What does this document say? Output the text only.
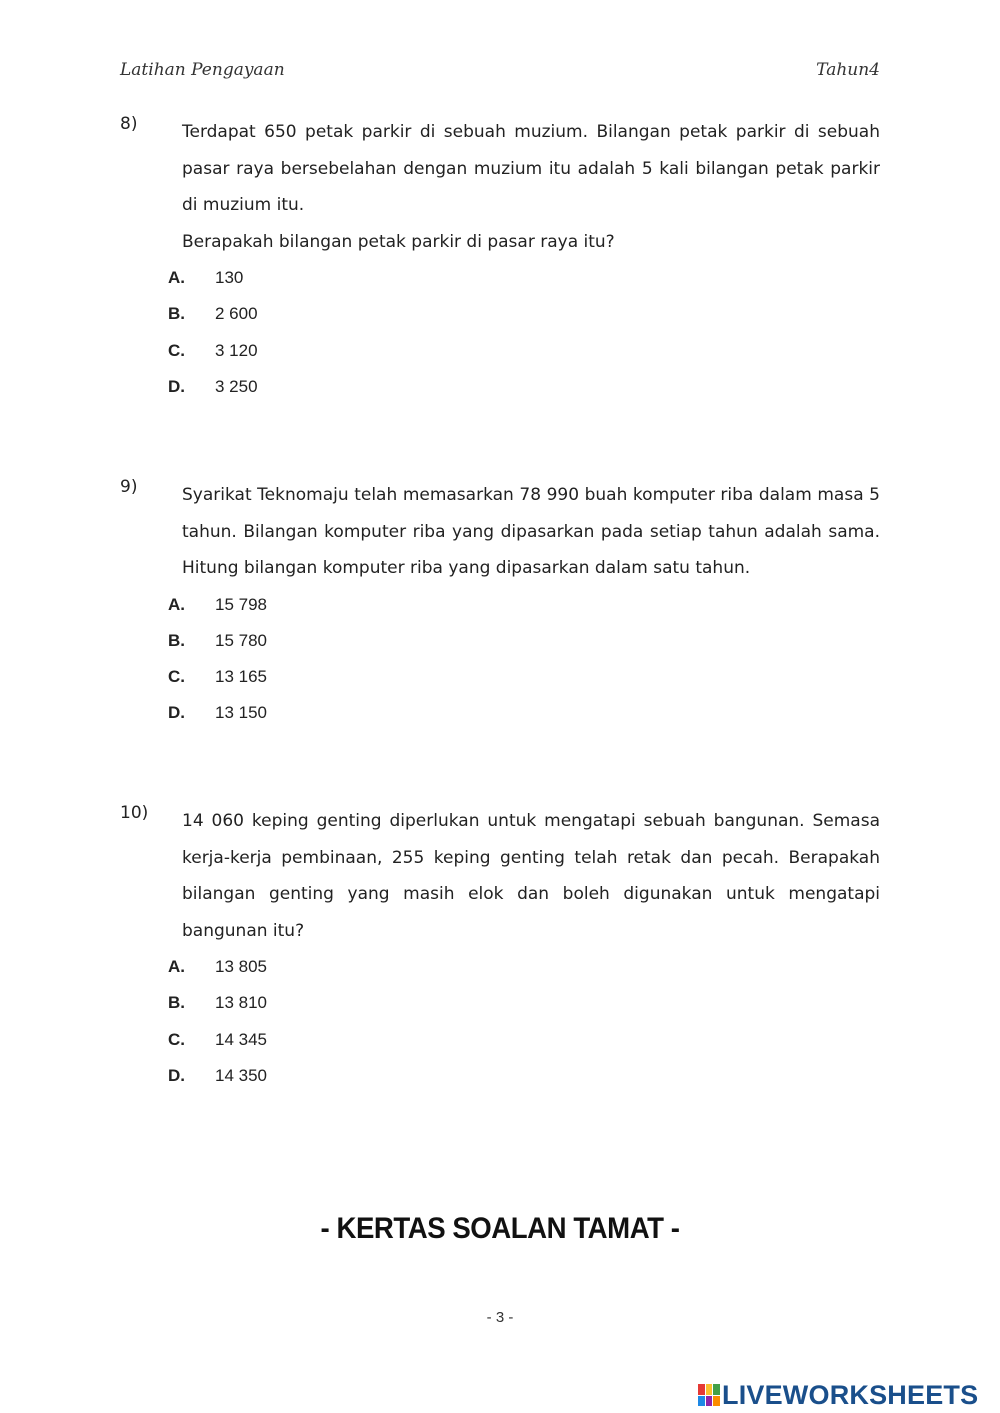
Latihan Pengayaan	Tahun4
8)	Terdapat 650 petak parkir di sebuah muzium. Bilangan petak parkir di sebuah pasar raya bersebelahan dengan muzium itu adalah 5 kali bilangan petak parkir di muzium itu.

Berapakah bilangan petak parkir di pasar raya itu?

A.	130
B.	2 600
C.	3 120
D.	3 250
9)	Syarikat Teknomaju telah memasarkan 78 990 buah komputer riba dalam masa 5 tahun. Bilangan komputer riba yang dipasarkan pada setiap tahun adalah sama. Hitung bilangan komputer riba yang dipasarkan dalam satu tahun.

A.	15 798
B.	15 780
C.	13 165
D.	13 150
10) 14 060 keping genting diperlukan untuk mengatapi sebuah bangunan. Semasa kerja-kerja pembinaan, 255 keping genting telah retak dan pecah. Berapakah bilangan genting yang masih elok dan boleh digunakan untuk mengatapi bangunan itu?

A.	13 805
B.	13 810
C.	14 345
D.	14 350
- KERTAS SOALAN TAMAT -
- 3 -
LIVEWORKSHEETS
